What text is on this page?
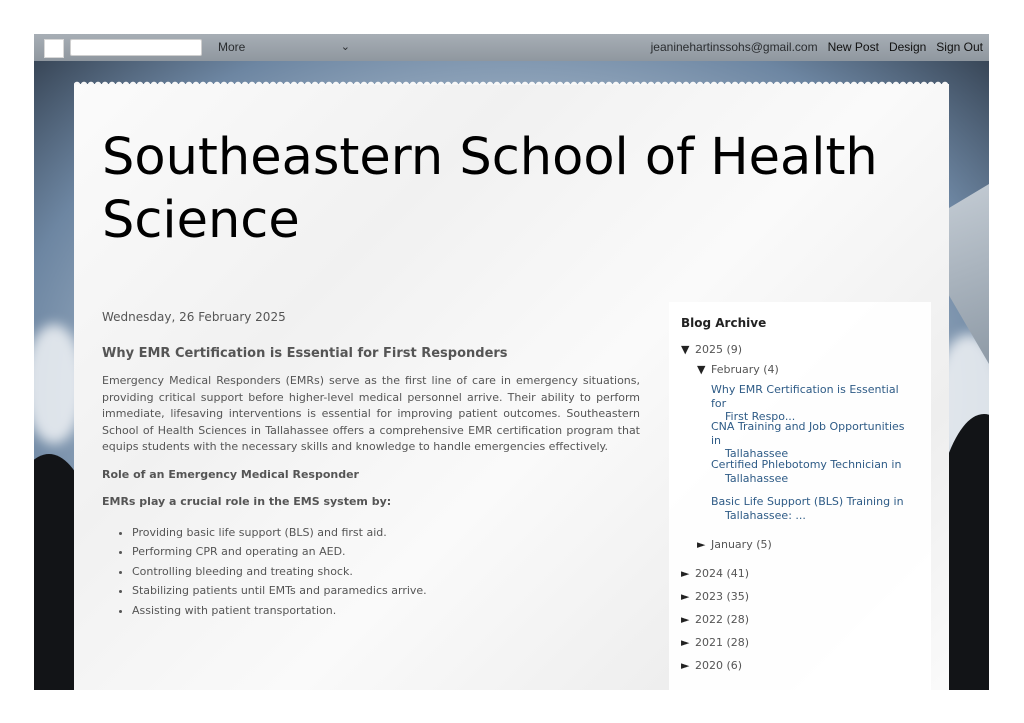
More	⌄	jeaninehartinssohs@gmail.com New Post Design Sign Out
Southeastern School of Health Science

Wednesday, 26 February 2025

Why EMR Certification is Essential for First Responders

Emergency Medical Responders (EMRs) serve as the first line of care in emergency situations, providing critical support before higher-level medical personnel arrive. Their ability to perform immediate, lifesaving interventions is essential for improving patient outcomes. Southeastern School of Health Sciences in Tallahassee offers a comprehensive EMR certification program that equips students with the necessary skills and knowledge to handle emergencies effectively.

Role of an Emergency Medical Responder

EMRs play a crucial role in the EMS system by:

• Providing basic life support (BLS) and first aid.
• Performing CPR and operating an AED.
• Controlling bleeding and treating shock.
• Stabilizing patients until EMTs and paramedics arrive.
• Assisting with patient transportation.
Blog Archive
▼ 2025 (9)
▼ February (4)
Why EMR Certification is Essential for
First Respo...
CNA Training and Job Opportunities in
Tallahassee
Certified Phlebotomy Technician in
Tallahassee
Basic Life Support (BLS) Training in
Tallahassee: ...
► January (5)
► 2024 (41)
► 2023 (35)
► 2022 (28)
► 2021 (28)
► 2020 (6)
